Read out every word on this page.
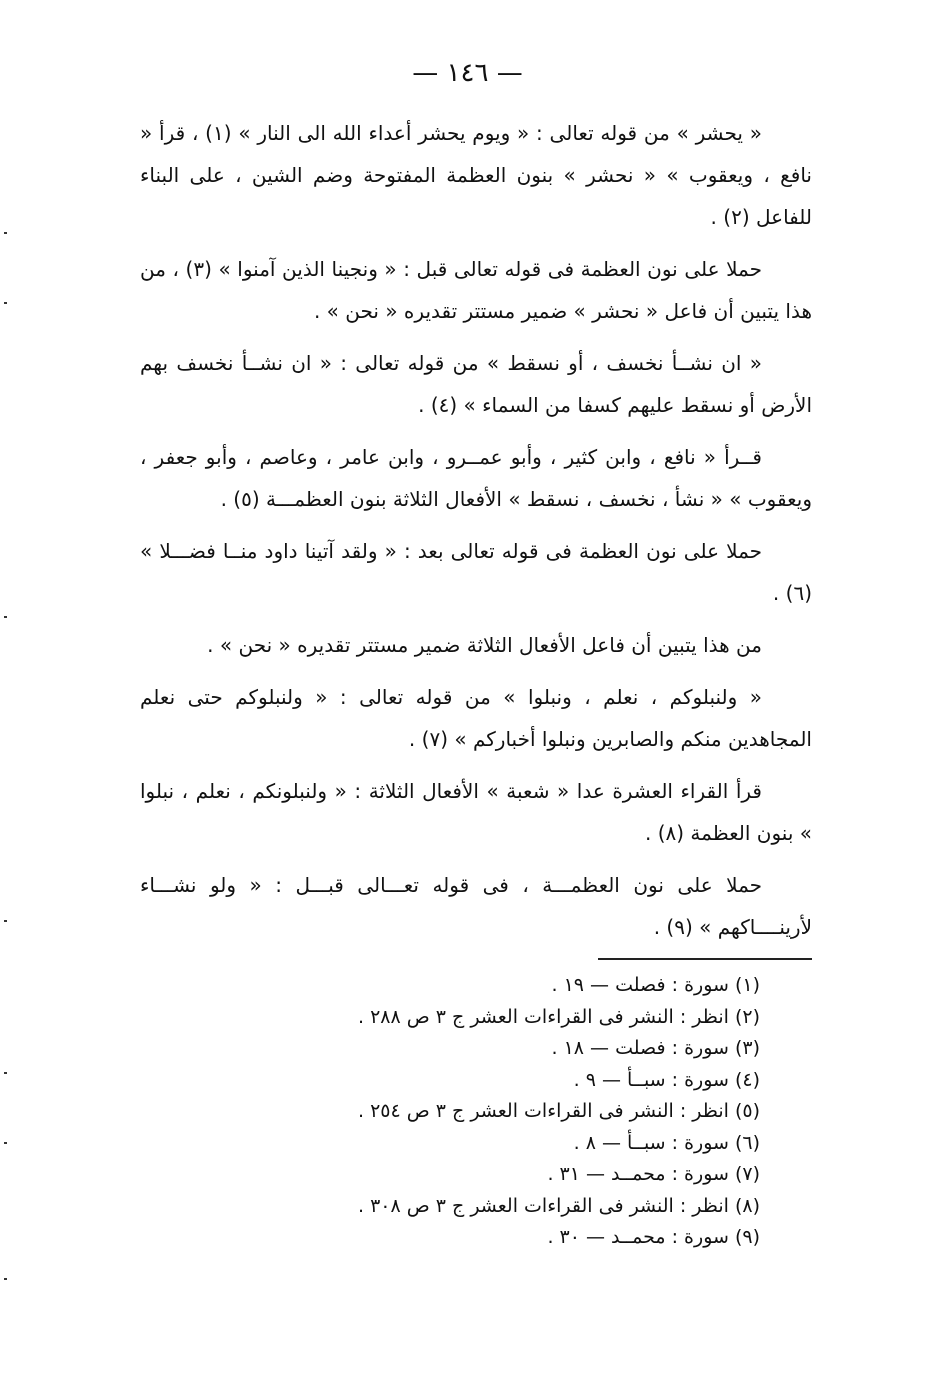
— ١٤٦ —

« يحشر » من قوله تعالى : « ويوم يحشر أعداء الله الى النار » (١) ، قرأ « نافع ، ويعقوب » « نحشر » بنون العظمة المفتوحة وضم الشين ، على البناء للفاعل (٢) .

حملا على نون العظمة فى قوله تعالى قبل : « ونجينا الذين آمنوا » (٣) ، من هذا يتبين أن فاعل « نحشر » ضمير مستتر تقديره « نحن » .

« ان نشــأ نخسف ، أو نسقط » من قوله تعالى : « ان نشــأ نخسف بهم الأرض أو نسقط عليهم كسفا من السماء » (٤) .

قــرأ « نافع ، وابن كثير ، وأبو عمــرو ، وابن عامر ، وعاصم ، وأبو جعفر ، ويعقوب » « نشأ ، نخسف ، نسقط » الأفعال الثلاثة بنون العظمـــة (٥) .

حملا على نون العظمة فى قوله تعالى بعد : « ولقد آتينا داود منــا فضـــلا » (٦) .

من هذا يتبين أن فاعل الأفعال الثلاثة ضمير مستتر تقديره « نحن » .

« ولنبلوكم ، نعلم ، ونبلوا » من قوله تعالى : « ولنبلوكم حتى نعلم المجاهدين منكم والصابرين ونبلوا أخباركم » (٧) .

قرأ القراء العشرة عدا « شعبة » الأفعال الثلاثة : « ولنبلونكم ، نعلم ، نبلوا » بنون العظمة (٨) .

حملا على نون العظمـــة ، فى قوله تعـــالى قبـــل : « ولو نشـــاء لأرينــــاكهم » (٩) .

(١)سورة : فصلت — ١٩ .
(٢)انظر : النشر فى القراءات العشر ج ٣ ص ٢٨٨ .
(٣)سورة : فصلت — ١٨ .
(٤)سورة : سبــأ — ٩ .
(٥)انظر : النشر فى القراءات العشر ج ٣ ص ٢٥٤ .
(٦)سورة : سبــأ — ٨ .
(٧)سورة : محمــد — ٣١ .
(٨)انظر : النشر فى القراءات العشر ج ٣ ص ٣٠٨ .
(٩)سورة : محمــد — ٣٠ .
